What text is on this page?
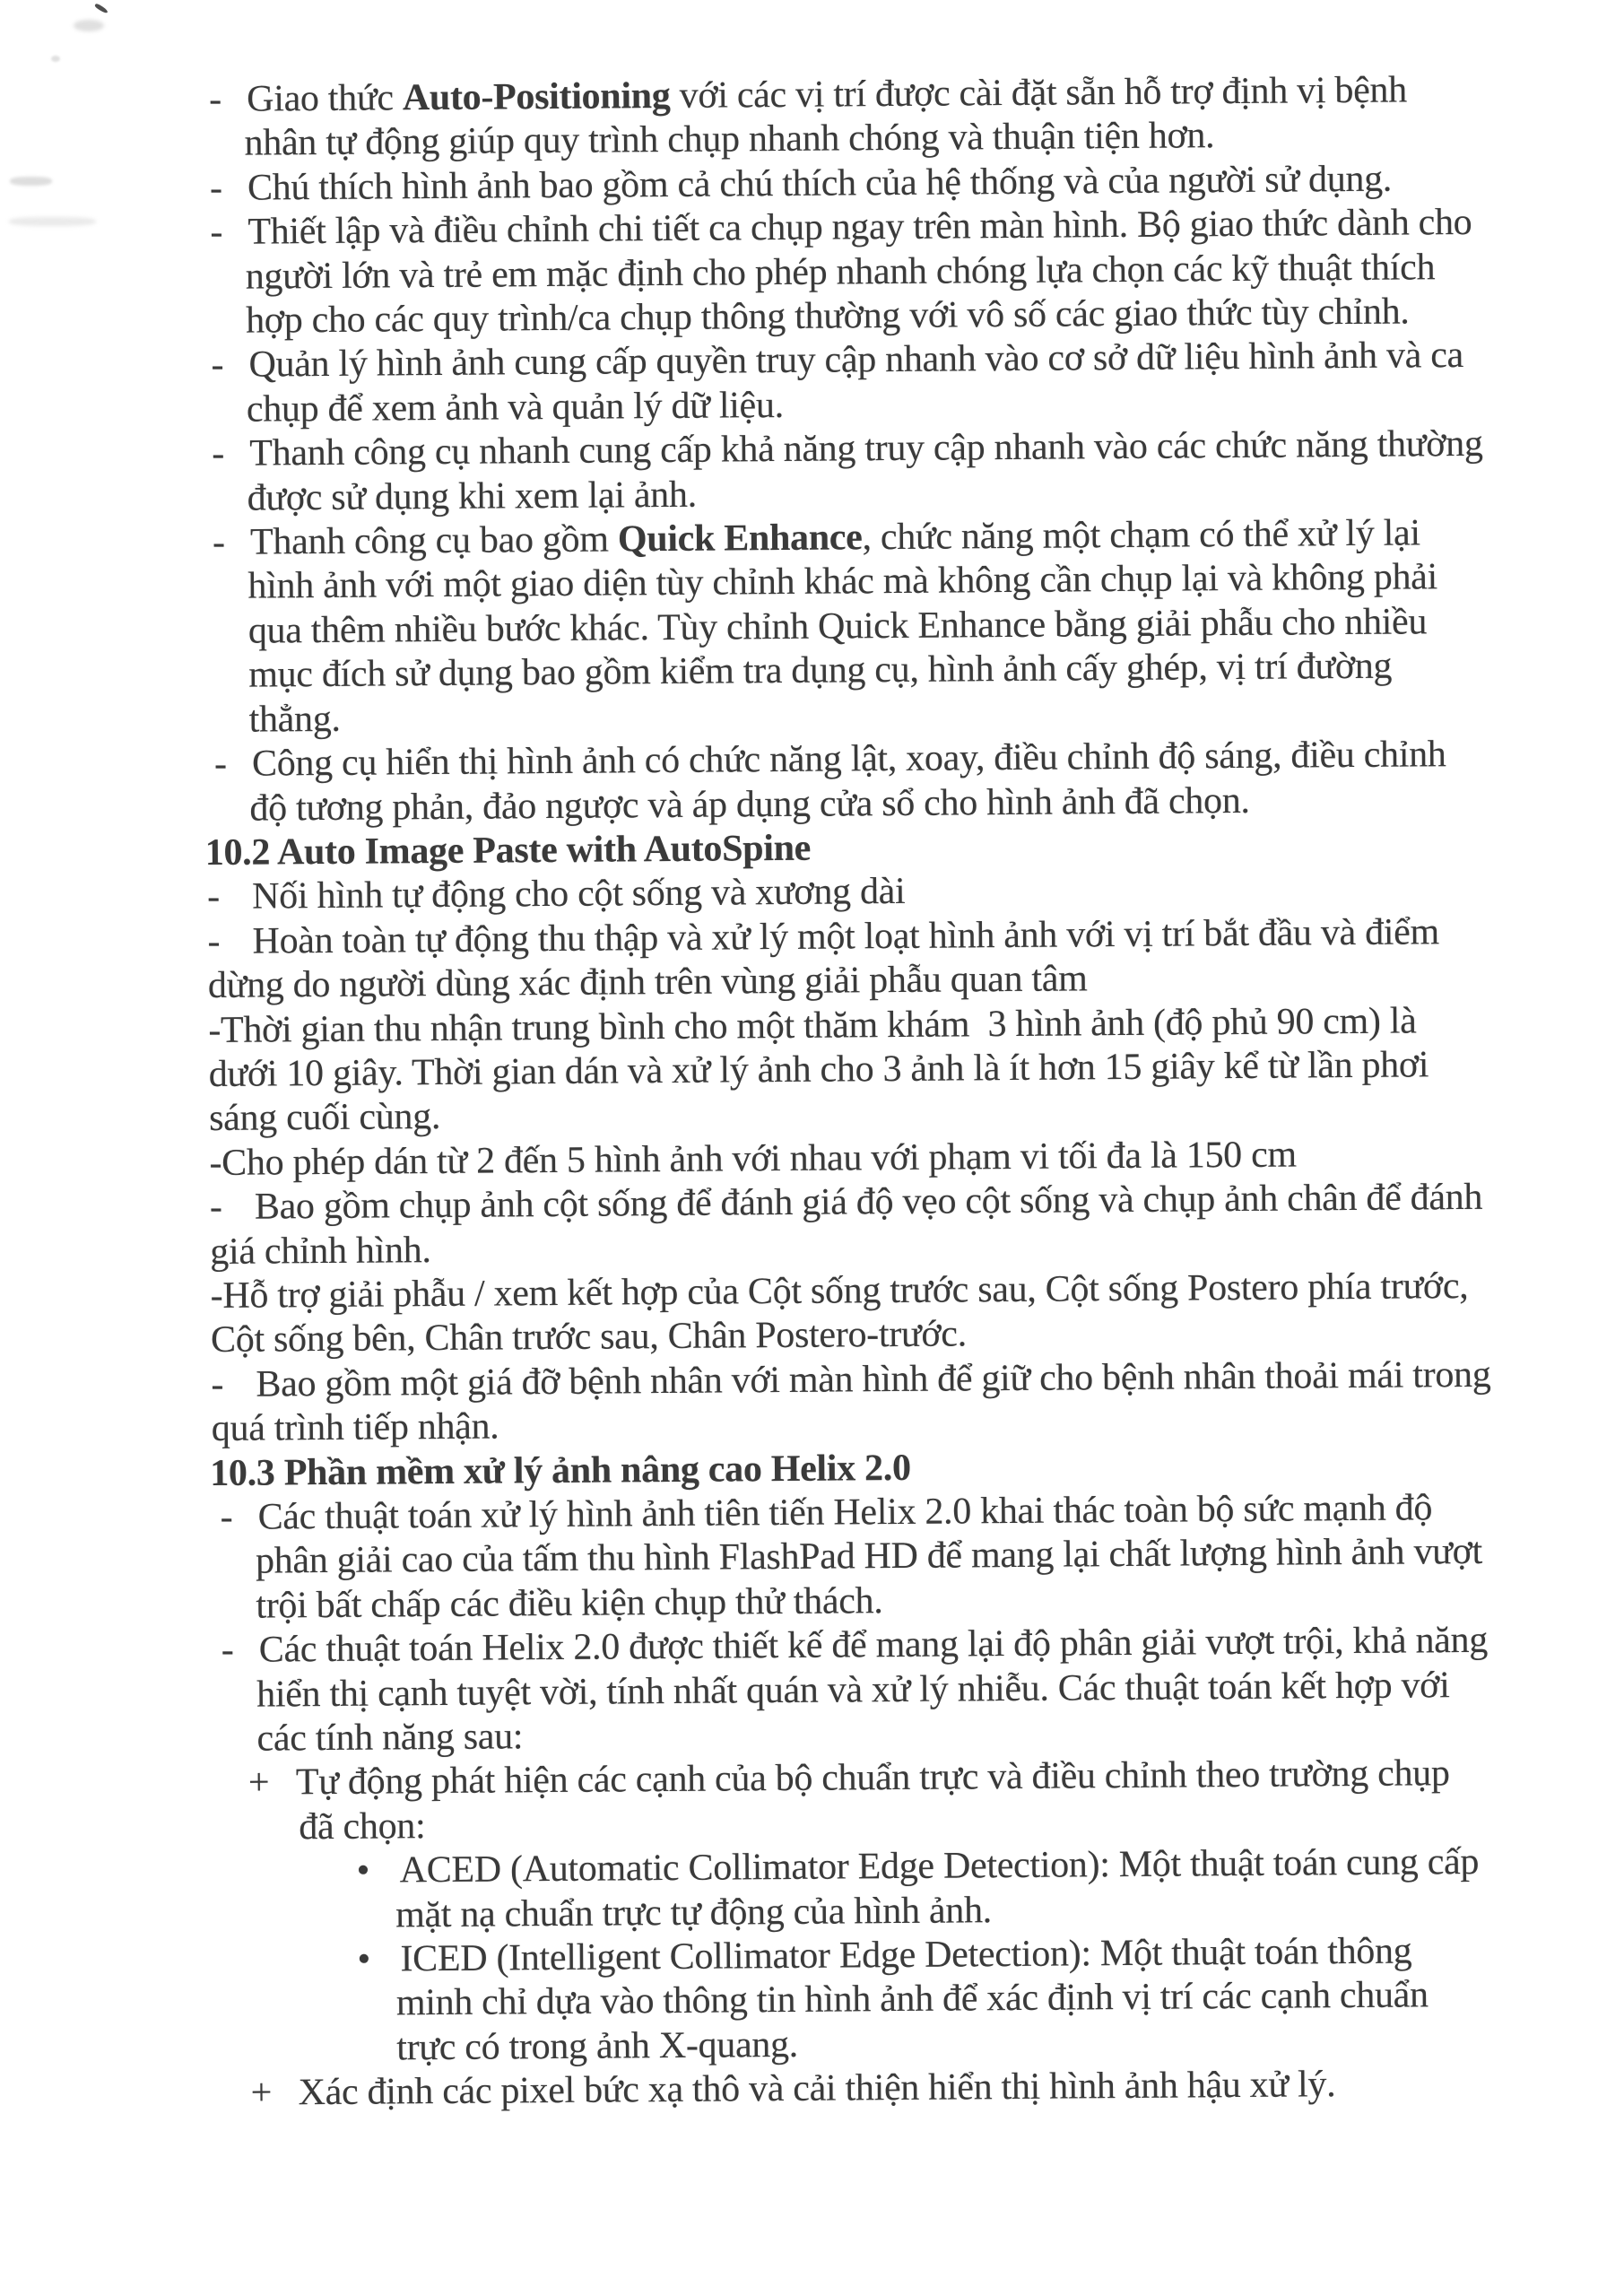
- Giao thức Auto-Positioning với các vị trí được cài đặt sẵn hỗ trợ định vị bệnh
nhân tự động giúp quy trình chụp nhanh chóng và thuận tiện hơn.
- Chú thích hình ảnh bao gồm cả chú thích của hệ thống và của người sử dụng.
- Thiết lập và điều chỉnh chi tiết ca chụp ngay trên màn hình. Bộ giao thức dành cho
người lớn và trẻ em mặc định cho phép nhanh chóng lựa chọn các kỹ thuật thích
hợp cho các quy trình/ca chụp thông thường với vô số các giao thức tùy chỉnh.
- Quản lý hình ảnh cung cấp quyền truy cập nhanh vào cơ sở dữ liệu hình ảnh và ca
chụp để xem ảnh và quản lý dữ liệu.
- Thanh công cụ nhanh cung cấp khả năng truy cập nhanh vào các chức năng thường
được sử dụng khi xem lại ảnh.
- Thanh công cụ bao gồm Quick Enhance, chức năng một chạm có thể xử lý lại
hình ảnh với một giao diện tùy chỉnh khác mà không cần chụp lại và không phải
qua thêm nhiều bước khác. Tùy chỉnh Quick Enhance bằng giải phẫu cho nhiều
mục đích sử dụng bao gồm kiểm tra dụng cụ, hình ảnh cấy ghép, vị trí đường
thẳng.
- Công cụ hiển thị hình ảnh có chức năng lật, xoay, điều chỉnh độ sáng, điều chỉnh
độ tương phản, đảo ngược và áp dụng cửa sổ cho hình ảnh đã chọn.
10.2 Auto Image Paste with AutoSpine
- Nối hình tự động cho cột sống và xương dài
- Hoàn toàn tự động thu thập và xử lý một loạt hình ảnh với vị trí bắt đầu và điểm
dừng do người dùng xác định trên vùng giải phẫu quan tâm
-Thời gian thu nhận trung bình cho một thăm khám  3 hình ảnh (độ phủ 90 cm) là
dưới 10 giây. Thời gian dán và xử lý ảnh cho 3 ảnh là ít hơn 15 giây kể từ lần phơi
sáng cuối cùng.
-Cho phép dán từ 2 đến 5 hình ảnh với nhau với phạm vi tối đa là 150 cm
- Bao gồm chụp ảnh cột sống để đánh giá độ vẹo cột sống và chụp ảnh chân để đánh
giá chỉnh hình.
-Hỗ trợ giải phẫu / xem kết hợp của Cột sống trước sau, Cột sống Postero phía trước,
Cột sống bên, Chân trước sau, Chân Postero-trước.
- Bao gồm một giá đỡ bệnh nhân với màn hình để giữ cho bệnh nhân thoải mái trong
quá trình tiếp nhận.
10.3 Phần mềm xử lý ảnh nâng cao Helix 2.0
- Các thuật toán xử lý hình ảnh tiên tiến Helix 2.0 khai thác toàn bộ sức mạnh độ
phân giải cao của tấm thu hình FlashPad HD để mang lại chất lượng hình ảnh vượt
trội bất chấp các điều kiện chụp thử thách.
- Các thuật toán Helix 2.0 được thiết kế để mang lại độ phân giải vượt trội, khả năng
hiển thị cạnh tuyệt vời, tính nhất quán và xử lý nhiễu. Các thuật toán kết hợp với
các tính năng sau:
+ Tự động phát hiện các cạnh của bộ chuẩn trực và điều chỉnh theo trường chụp
đã chọn:
• ACED (Automatic Collimator Edge Detection): Một thuật toán cung cấp
mặt nạ chuẩn trực tự động của hình ảnh.
• ICED (Intelligent Collimator Edge Detection): Một thuật toán thông
minh chỉ dựa vào thông tin hình ảnh để xác định vị trí các cạnh chuẩn
trực có trong ảnh X-quang.
+ Xác định các pixel bức xạ thô và cải thiện hiển thị hình ảnh hậu xử lý.
